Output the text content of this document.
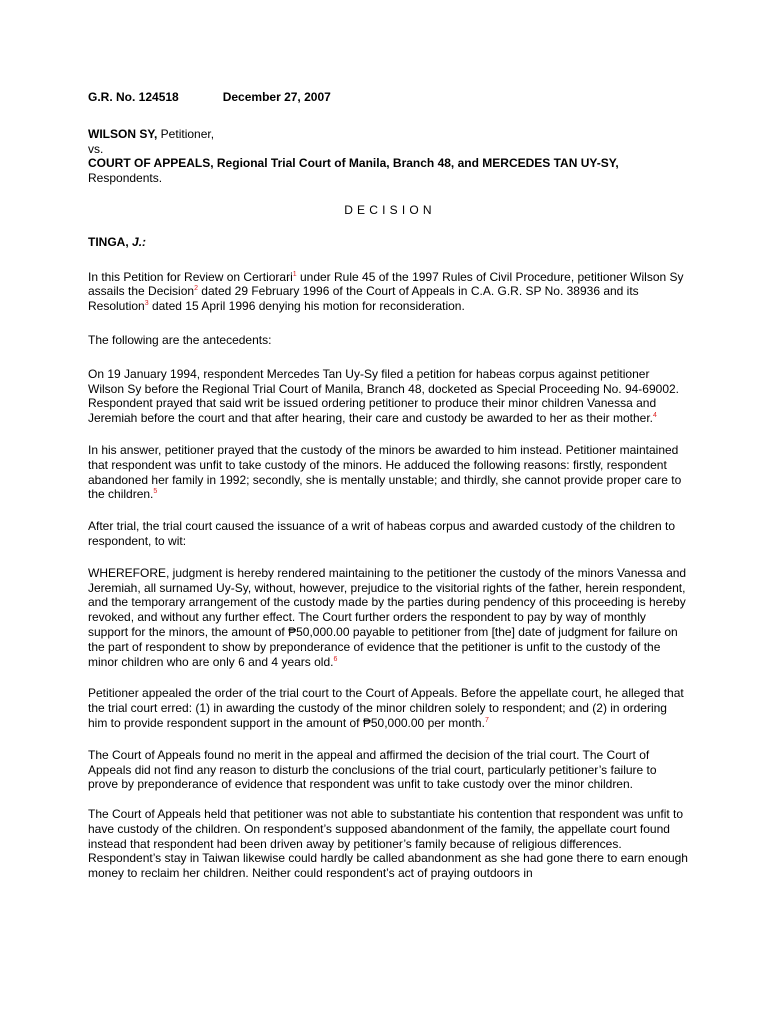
G.R. No. 124518	December 27, 2007

WILSON SY, Petitioner,

vs.

COURT OF APPEALS, Regional Trial Court of Manila, Branch 48, and MERCEDES TAN UY-SY, Respondents.

DECISION

TINGA, J.:

In this Petition for Review on Certiorari$^1$ under Rule 45 of the 1997 Rules of Civil Procedure, petitioner Wilson Sy assails the Decision$^2$ dated 29 February 1996 of the Court of Appeals in C.A. G.R. SP No. 38936 and its Resolution$^3$ dated 15 April 1996 denying his motion for reconsideration.

The following are the antecedents:

On 19 January 1994, respondent Mercedes Tan Uy-Sy filed a petition for habeas corpus against petitioner Wilson Sy before the Regional Trial Court of Manila, Branch 48, docketed as Special Proceeding No. 94-69002. Respondent prayed that said writ be issued ordering petitioner to produce their minor children Vanessa and Jeremiah before the court and that after hearing, their care and custody be awarded to her as their mother.$^4$

In his answer, petitioner prayed that the custody of the minors be awarded to him instead. Petitioner maintained that respondent was unfit to take custody of the minors. He adduced the following reasons: firstly, respondent abandoned her family in 1992; secondly, she is mentally unstable; and thirdly, she cannot provide proper care to the children.$^5$

After trial, the trial court caused the issuance of a writ of habeas corpus and awarded custody of the children to respondent, to wit:

WHEREFORE, judgment is hereby rendered maintaining to the petitioner the custody of the minors Vanessa and Jeremiah, all surnamed Uy-Sy, without, however, prejudice to the visitorial rights of the father, herein respondent, and the temporary arrangement of the custody made by the parties during pendency of this proceeding is hereby revoked, and without any further effect. The Court further orders the respondent to pay by way of monthly support for the minors, the amount of ₱50,000.00 payable to petitioner from [the] date of judgment for failure on the part of respondent to show by preponderance of evidence that the petitioner is unfit to the custody of the minor children who are only 6 and 4 years old.$^6$

Petitioner appealed the order of the trial court to the Court of Appeals. Before the appellate court, he alleged that the trial court erred: (1) in awarding the custody of the minor children solely to respondent; and (2) in ordering him to provide respondent support in the amount of ₱50,000.00 per month.$^7$

The Court of Appeals found no merit in the appeal and affirmed the decision of the trial court. The Court of Appeals did not find any reason to disturb the conclusions of the trial court, particularly petitioner’s failure to prove by preponderance of evidence that respondent was unfit to take custody over the minor children.

The Court of Appeals held that petitioner was not able to substantiate his contention that respondent was unfit to have custody of the children. On respondent’s supposed abandonment of the family, the appellate court found instead that respondent had been driven away by petitioner’s family because of religious differences. Respondent’s stay in Taiwan likewise could hardly be called abandonment as she had gone there to earn enough money to reclaim her children. Neither could respondent’s act of praying outdoors in
